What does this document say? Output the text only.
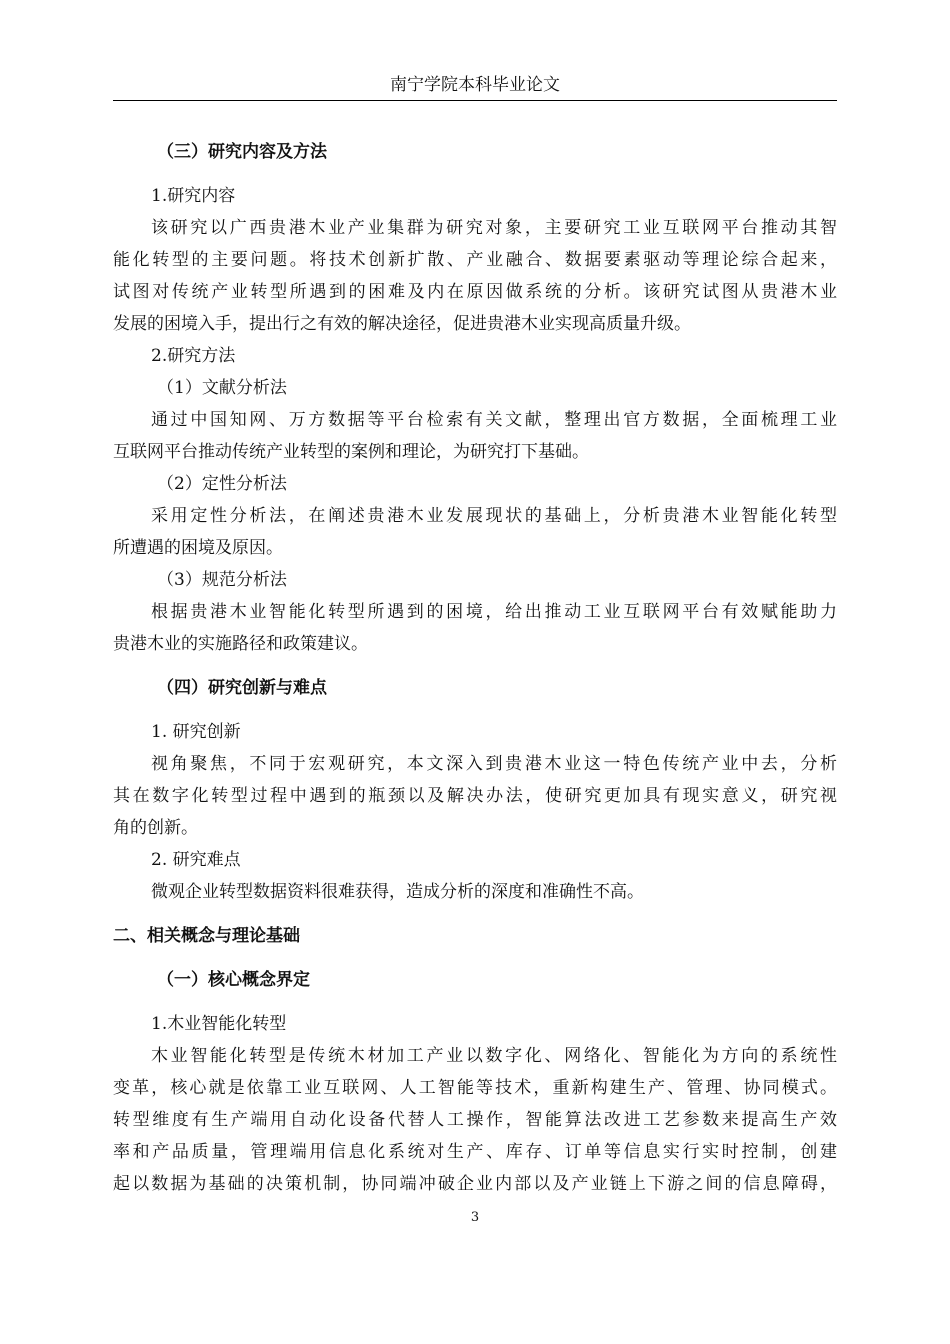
南宁学院本科毕业论文
（三）研究内容及方法
1.研究内容
该研究以广西贵港木业产业集群为研究对象，主要研究工业互联网平台推动其智
能化转型的主要问题。将技术创新扩散、产业融合、数据要素驱动等理论综合起来，
试图对传统产业转型所遇到的困难及内在原因做系统的分析。该研究试图从贵港木业
发展的困境入手，提出行之有效的解决途径，促进贵港木业实现高质量升级。
2.研究方法
（1）文献分析法
通过中国知网、万方数据等平台检索有关文献，整理出官方数据，全面梳理工业
互联网平台推动传统产业转型的案例和理论，为研究打下基础。
（2）定性分析法
采用定性分析法，在阐述贵港木业发展现状的基础上，分析贵港木业智能化转型
所遭遇的困境及原因。
（3）规范分析法
根据贵港木业智能化转型所遇到的困境，给出推动工业互联网平台有效赋能助力
贵港木业的实施路径和政策建议。
（四）研究创新与难点
1. 研究创新
视角聚焦，不同于宏观研究，本文深入到贵港木业这一特色传统产业中去，分析
其在数字化转型过程中遇到的瓶颈以及解决办法，使研究更加具有现实意义，研究视
角的创新。
2. 研究难点
微观企业转型数据资料很难获得，造成分析的深度和准确性不高。
二、相关概念与理论基础
（一）核心概念界定
1.木业智能化转型
木业智能化转型是传统木材加工产业以数字化、网络化、智能化为方向的系统性
变革，核心就是依靠工业互联网、人工智能等技术，重新构建生产、管理、协同模式。
转型维度有生产端用自动化设备代替人工操作，智能算法改进工艺参数来提高生产效
率和产品质量，管理端用信息化系统对生产、库存、订单等信息实行实时控制，创建
起以数据为基础的决策机制，协同端冲破企业内部以及产业链上下游之间的信息障碍，
3
